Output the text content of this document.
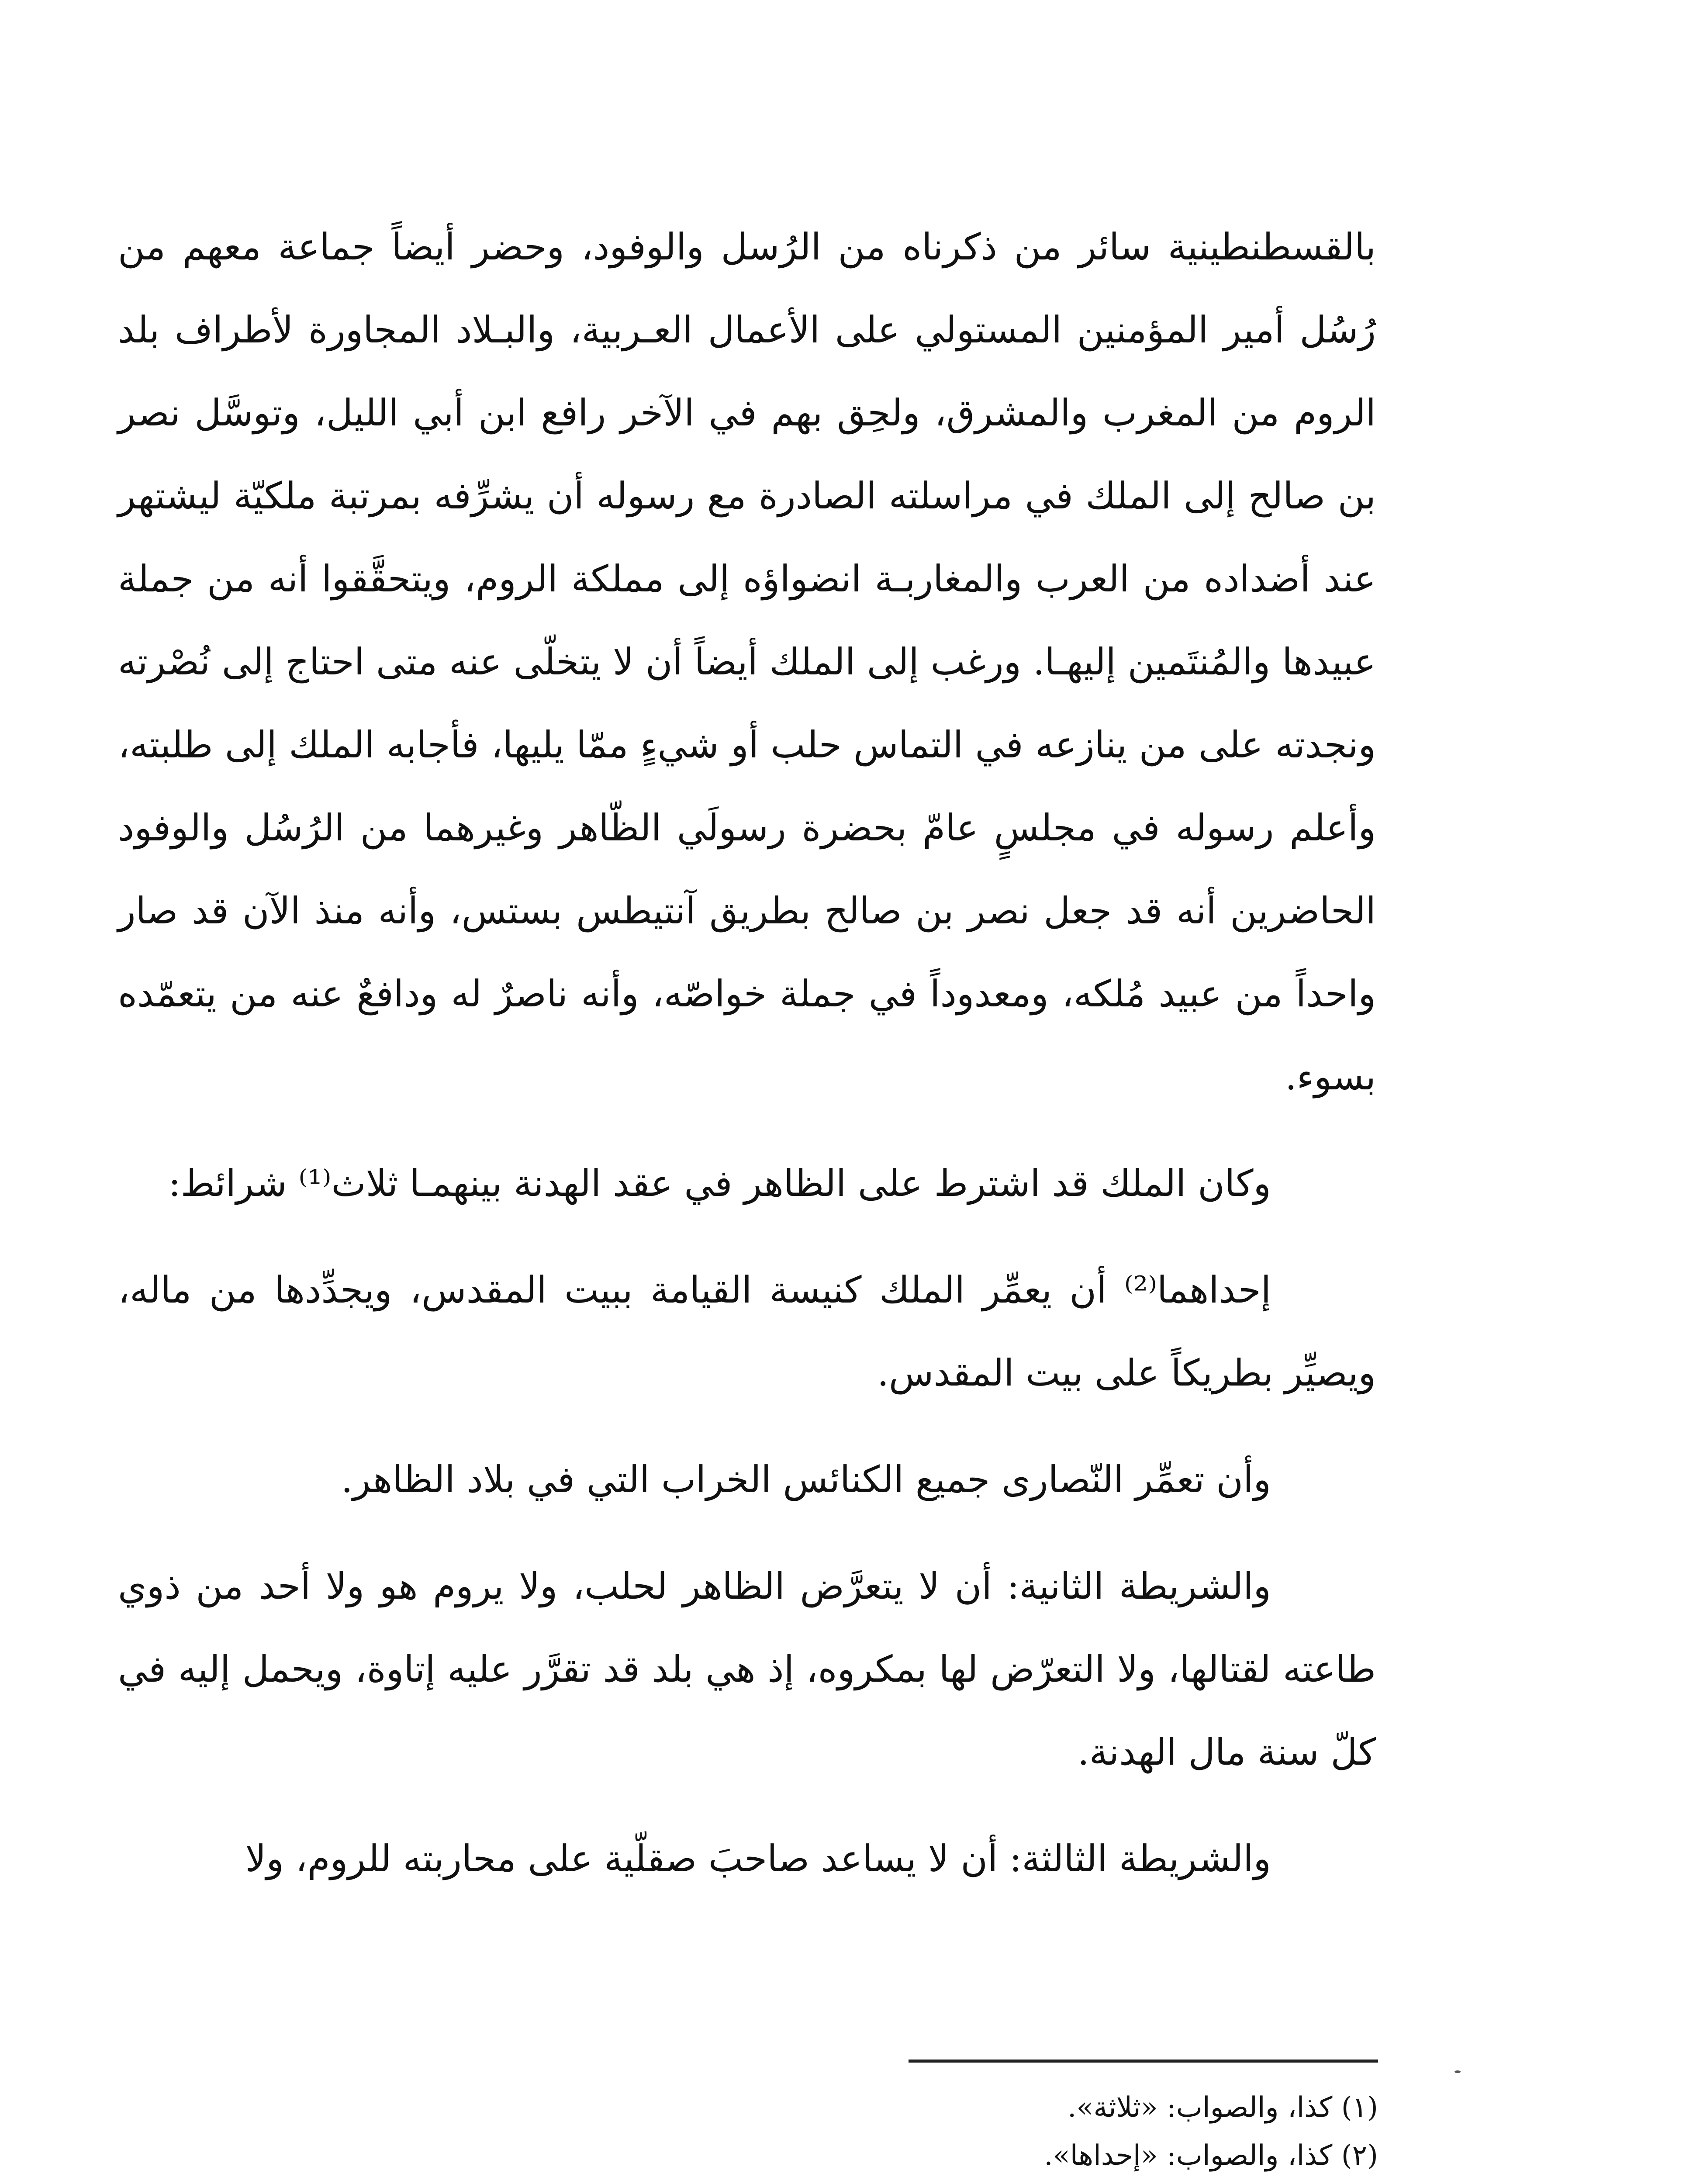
بالقسطنطينية سائر من ذكرناه من الرُسل والوفود، وحضر أيضاً جماعة معهم من رُسُل أمير المؤمنين المستولي على الأعمال العـربية، والبـلاد المجاورة لأطراف بلد الروم من المغرب والمشرق، ولحِق بهم في الآخر رافع ابن أبي الليل، وتوسَّل نصر بن صالح إلى الملك في مراسلته الصادرة مع رسوله أن يشرِّفه بمرتبة ملكيّة ليشتهر عند أضداده من العرب والمغاربـة انضواؤه إلى مملكة الروم، ويتحقَّقوا أنه من جملة عبيدها والمُنتَمين إليهـا. ورغب إلى الملك أيضاً أن لا يتخلّى عنه متى احتاج إلى نُصْرته ونجدته على من ينازعه في التماس حلب أو شيءٍ ممّا يليها، فأجابه الملك إلى طلبته، وأعلم رسوله في مجلسٍ عامّ بحضرة رسولَي الظّاهر وغيرهما من الرُسُل والوفود الحاضرين أنه قد جعل نصر بن صالح بطريق آنتيطس بستس، وأنه منذ الآن قد صار واحداً من عبيد مُلكه، ومعدوداً في جملة خواصّه، وأنه ناصرٌ له ودافعٌ عنه من يتعمّده بسوء.

وكان الملك قد اشترط على الظاهر في عقد الهدنة بينهمـا ثلاث⁽¹⁾ شرائط:

إحداهما⁽²⁾ أن يعمِّر الملك كنيسة القيامة ببيت المقدس، ويجدِّدها من ماله، ويصيِّر بطريكاً على بيت المقدس.

وأن تعمِّر النّصارى جميع الكنائس الخراب التي في بلاد الظاهر.

والشريطة الثانية: أن لا يتعرَّض الظاهر لحلب، ولا يروم هو ولا أحد من ذوي طاعته لقتالها، ولا التعرّض لها بمكروه، إذ هي بلد قد تقرَّر عليه إتاوة، ويحمل إليه في كلّ سنة مال الهدنة.

والشريطة الثالثة: أن لا يساعد صاحبَ صقلّية على محاربته للروم، ولا

(١) كذا، والصواب: «ثلاثة».

(٢) كذا، والصواب: «إحداها».
